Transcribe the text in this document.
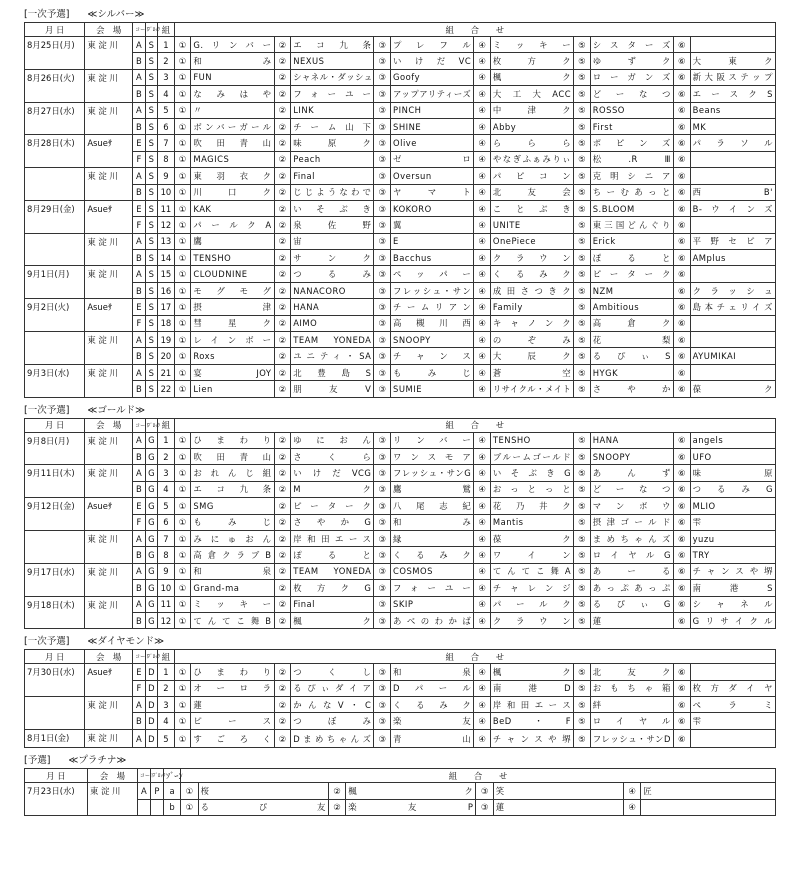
[一次予選] ≪シルバー≫
月 日	会　場	コート	ﾌﾞﾛｯｸ	組	組　　合　　せ											
8月25日(月)	東 淀 川	A	S	1	①	G.リンバー	②	エコ九条	③	プレフル	④	ミッキー	⑤	シスターズ	⑥	
		B	S	2	①	和み	②	NEXUS	③	いけだVC	④	枚方ク	⑤	ゆずク	⑥	大東ク
8月26日(火)	東 淀 川	A	S	3	①	FUN	②	シャネル・ダッシュ	③	Goofy	④	楓ク	⑤	ローガンズ	⑥	新大阪ステップ
		B	S	4	①	なみはや	②	フォーユー	③	アップアリティーズ	④	大工大ACC	⑤	どーなつ	⑥	エースクS
8月27日(水)	東 淀 川	A	S	5	①	〃	②	LINK	③	PINCH	④	中津ク	⑤	ROSSO	⑥	Beans
		B	S	6	①	ボンバーガール	②	チーム山下	③	SHINE	④	Abby	⑤	First	⑥	MK
8月28日(木)	Asueｻ	E	S	7	①	吹田青山	②	味原ク	③	Olive	④	ららら	⑤	ポピンズ	⑥	パラソル
		F	S	8	①	MAGICS	②	Peach	③	ゼロ	④	やなぎふぁみりぃ	⑤	松.RⅢ	⑥	
	東 淀 川	A	S	9	①	東羽衣ク	②	Final	③	Oversun	④	パピコン	⑤	克明シニア	⑥	
		B	S	10	①	川口ク	②	じじようなわで	③	ヤマト	④	北友会	⑤	ちーむあっと	⑥	西B'
8月29日(金)	Asueｻ	E	S	11	①	KAK	②	いそぶき	③	KOKORO	④	ことぶき	⑤	S.BLOOM	⑥	B-ウインズ
		F	S	12	①	パールクA	②	泉佐野	③	翼	④	UNITE	⑤	東三国どんぐり	⑥	
	東 淀 川	A	S	13	①	鷹	②	宙	③	E	④	OnePiece	⑤	Erick	⑥	平野セピア
		B	S	14	①	TENSHO	②	サンク	③	Bacchus	④	クラウン	⑤	ぽると	⑥	AMplus
9月1日(月)	東 淀 川	A	S	15	①	CLOUDNINE	②	つるみ	③	ペッパー	④	くるみク	⑤	ピーターク	⑥	
		B	S	16	①	モグモグ	②	NANACORO	③	フレッシュ・サン	④	成田さつきク	⑤	NZM	⑥	クラッシュ
9月2日(火)	Asueｻ	E	S	17	①	摂津	②	HANA	③	チームリアン	④	Family	⑤	Ambitious	⑥	島本チェリイズ
		F	S	18	①	彗星ク	②	AIMO	③	高槻川西	④	キャノンク	⑤	高倉ク	⑥	
	東 淀 川	A	S	19	①	レインボー	②	TEAM YONEDA	③	SNOOPY	④	のぞみ	⑤	花梨	⑥	
		B	S	20	①	Roxs	②	ユニティ・SA	③	チャンス	④	大辰ク	⑤	るぴぃS	⑥	AYUMIKAI
9月3日(水)	東 淀 川	A	S	21	①	宴JOY	②	北豊島S	③	もみじ	④	蒼空	⑤	HYGK	⑥	
		B	S	22	①	Lien	②	朋友V	③	SUMIE	④	リサイクル・メイト	⑤	さやか	⑥	葆ク
[一次予選] ≪ゴールド≫
月 日	会　場	コート	ﾌﾞﾛｯｸ	組	組　　合　　せ											
9月8日(月)	東 淀 川	A	G	1	①	ひまわり	②	ゆにおん	③	リンバー	④	TENSHO	⑤	HANA	⑥	angels
		B	G	2	①	吹田青山	②	さくら	③	ワンスモア	④	ブルームゴールド	⑤	SNOOPY	⑥	UFO
9月11日(木)	東 淀 川	A	G	3	①	おれんじ組	②	いけだVCG	③	フレッシュ・サンG	④	いそぶきG	⑤	あんず	⑥	味原
		B	G	4	①	エコ九条	②	Mク	③	鷹鷲	④	おっとっと	⑤	どーなつ	⑥	つるみG
9月12日(金)	Asueｻ	E	G	5	①	SMG	②	ピーターク	③	八尾志紀	④	花乃井ク	⑤	マンボウ	⑥	MLIO
		F	G	6	①	もみじ	②	さやかG	③	和み	④	Mantis	⑤	摂津ゴールド	⑥	雫
	東 淀 川	A	G	7	①	みにゅおん	②	岸和田エース	③	縁	④	葆ク	⑤	まめちゃんズ	⑥	yuzu
		B	G	8	①	高倉クラブB	②	ぽると	③	くるみク	④	ワイン	⑤	ロイヤルG	⑥	TRY
9月17日(水)	東 淀 川	A	G	9	①	和泉	②	TEAM YONEDA	③	COSMOS	④	てんてこ舞A	⑤	あーる	⑥	チャンスや堺
		B	G	10	①	Grand-ma	②	枚方クG	③	フォーユー	④	チャレンジ	⑤	あっぷあっぷ	⑥	南港S
9月18日(木)	東 淀 川	A	G	11	①	ミッキー	②	Final	③	SKIP	④	パールク	⑤	るぴぃG	⑥	シャネル
		B	G	12	①	てんてこ舞B	②	楓ク	③	あべのわかば	④	クラウン	⑤	蓮	⑥	Gリサイクル
[一次予選] ≪ダイヤモンド≫
月 日	会　場	コート	ﾌﾞﾛｯｸ	組	組　　合　　せ											
7月30日(水)	Asueｻ	E	D	1	①	ひまわり	②	つくし	③	和泉	④	楓ク	⑤	北友ク	⑥	
		F	D	2	①	オーロラ	②	るぴぃダイア	③	Dパール	④	南港D	⑤	おもちゃ箱	⑥	枚方ダイヤ
	東 淀 川	A	D	3	①	蓮	②	かんなV・C	③	くるみク	④	岸和田エース	⑤	絆	⑥	ぺラミ
		B	D	4	①	ピース	②	つぼみ	③	楽友	④	BeD・F	⑤	ロイヤル	⑥	雫
8月1日(金)	東 淀 川	A	D	5	①	すごろく	②	Dまめちゃんズ	③	青山	④	チャンスや堺	⑤	フレッシュ・サンD	⑥	
[予選] ≪プラチナ≫
月 日	会　場	コート	ﾌﾞﾛｯｸ	ｿﾞｰﾝ	組　　合　　せ							
7月23日(水)	東 淀 川	A	P	a	①	桜	②	楓ク	③	笑	④	匠
				b	①	るぴ友	②	楽友P	③	蓮	④	
